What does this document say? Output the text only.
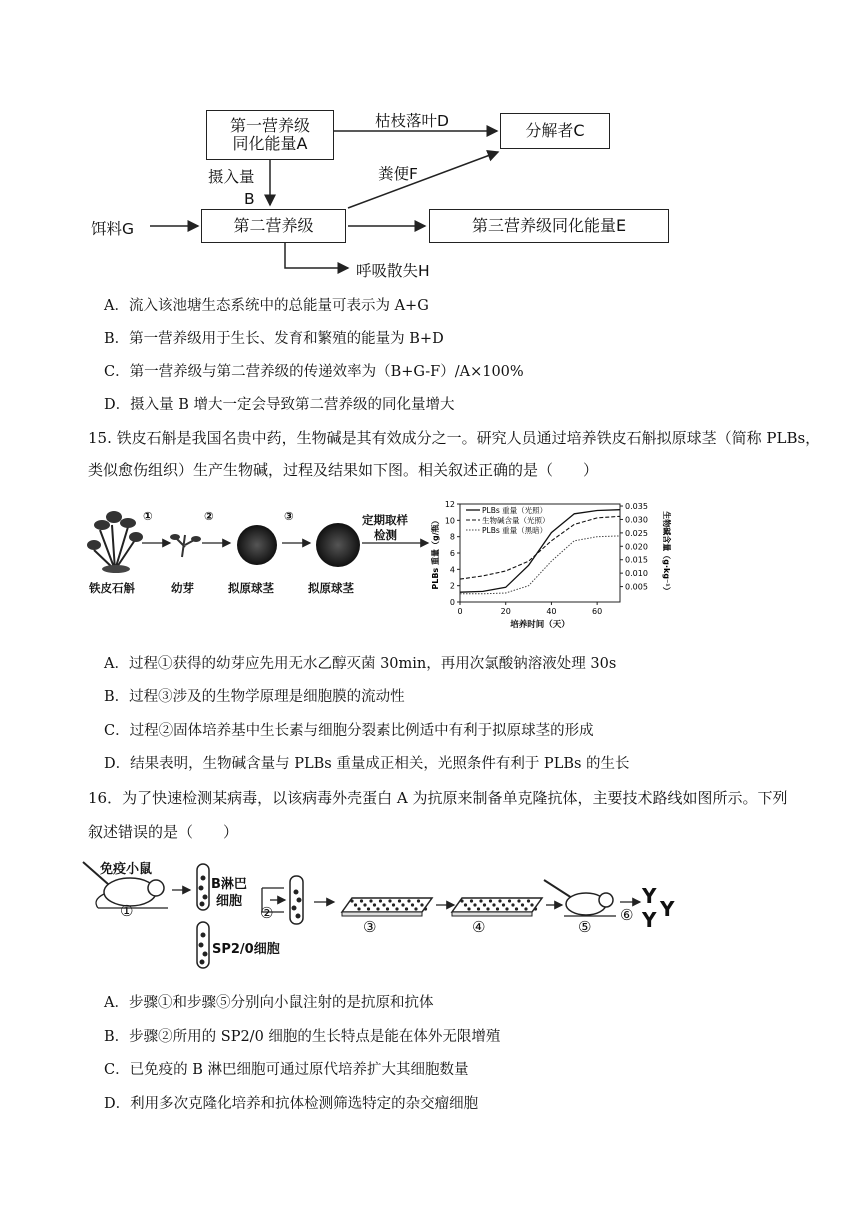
第一营养级
同化能量A
分解者C
第二营养级	第三营养级同化能量E
枯枝落叶D
粪便F
摄入量
B
饵料G
呼吸散失H
A．流入该池塘生态系统中的总能量可表示为 A+G
B．第一营养级用于生长、发育和繁殖的能量为 B+D
C．第一营养级与第二营养级的传递效率为（B+G-F）/A×100%
D．摄入量 B 增大一定会导致第二营养级的同化量增大
15. 铁皮石斛是我国名贵中药，生物碱是其有效成分之一。研究人员通过培养铁皮石斛拟原球茎（简称 PLBs，
类似愈伤组织）生产生物碱，过程及结果如下图。相关叙述正确的是（　　）
①	②	③	定期取样
检测
铁皮石斛	幼芽	拟原球茎	拟原球茎
0	20	40	60
0
2
4
6
8
10
12
0.005
0.010
0.015
0.020
0.025
0.030
0.035
PLBs 重量（光照）
生物碱含量（光照）
PLBs 重量（黑暗）
培养时间（天）
PLBs 重量（g/瓶）	生物碱含量（g·kg⁻¹）
A．过程①获得的幼芽应先用无水乙醇灭菌 30min，再用次氯酸钠溶液处理 30s
B．过程③涉及的生物学原理是细胞膜的流动性
C．过程②固体培养基中生长素与细胞分裂素比例适中有利于拟原球茎的形成
D．结果表明，生物碱含量与 PLBs 重量成正相关，光照条件有利于 PLBs 的生长
16．为了快速检测某病毒，以该病毒外壳蛋白 A 为抗原来制备单克隆抗体，主要技术路线如图所示。下列
叙述错误的是（　　）
免疫小鼠
B淋巴
细胞
SP2/0细胞
①	②
③	④	⑤
⑥
Y
Y
Y
A．步骤①和步骤⑤分别向小鼠注射的是抗原和抗体
B．步骤②所用的 SP2/0 细胞的生长特点是能在体外无限增殖
C．已免疫的 B 淋巴细胞可通过原代培养扩大其细胞数量
D．利用多次克隆化培养和抗体检测筛选特定的杂交瘤细胞
